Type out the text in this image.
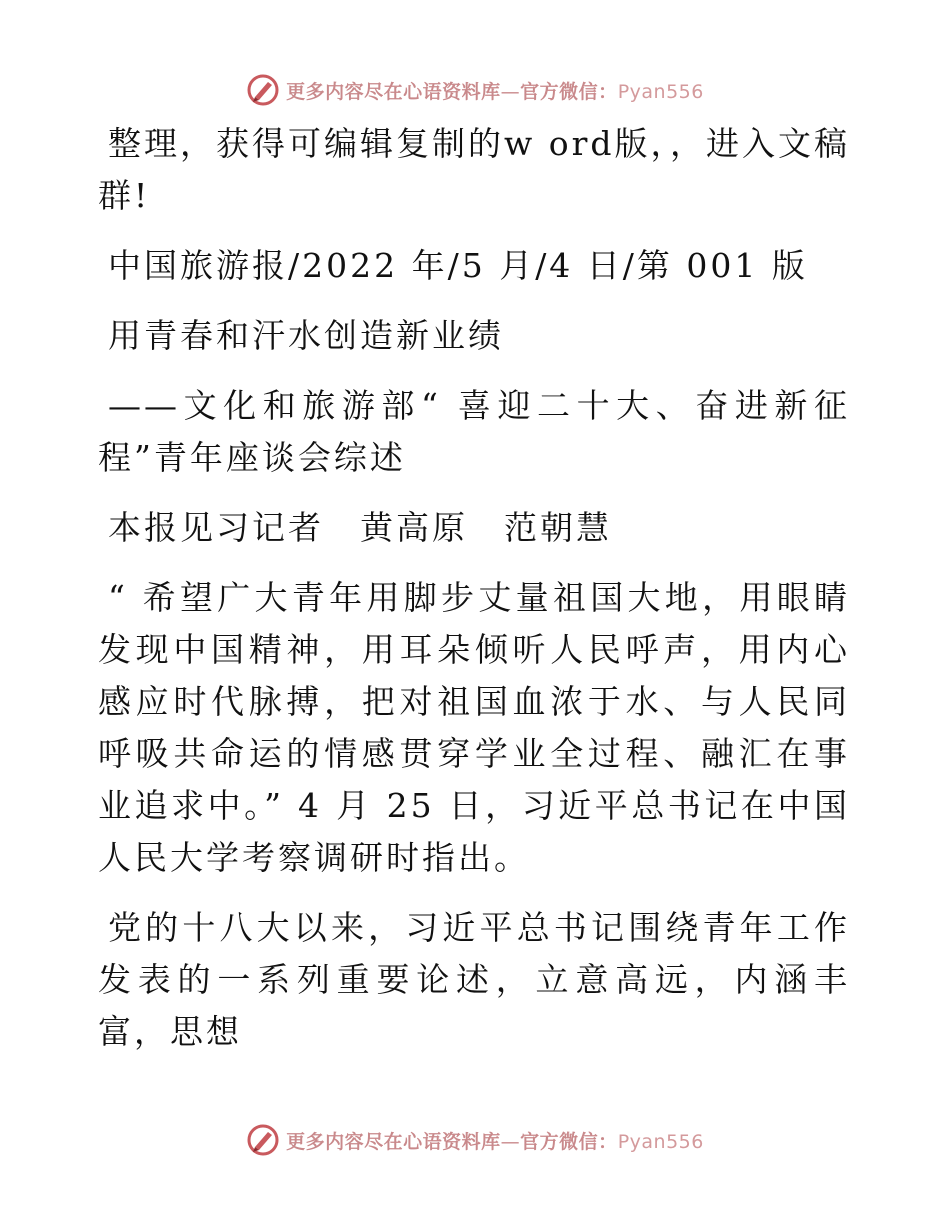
更多内容尽在心语资料库—官方微信：Pyan556

整理，获得可编辑复制的w ord版，，进入文稿群!

中国旅游报/2022 年/5 月/4 日/第 001 版

用青春和汗水创造新业绩

——文化和旅游部“ 喜迎二十大、奋进新征程”青年座谈会综述

本报见习记者　黄高原　范朝慧

“ 希望广大青年用脚步丈量祖国大地，用眼睛发现中国精神，用耳朵倾听人民呼声，用内心感应时代脉搏，把对祖国血浓于水、与人民同呼吸共命运的情感贯穿学业全过程、融汇在事业追求中。” 4 月 25 日，习近平总书记在中国人民大学考察调研时指出。

党的十八大以来，习近平总书记围绕青年工作发表的一系列重要论述，立意高远，内涵丰富，思想

更多内容尽在心语资料库—官方微信：Pyan556
